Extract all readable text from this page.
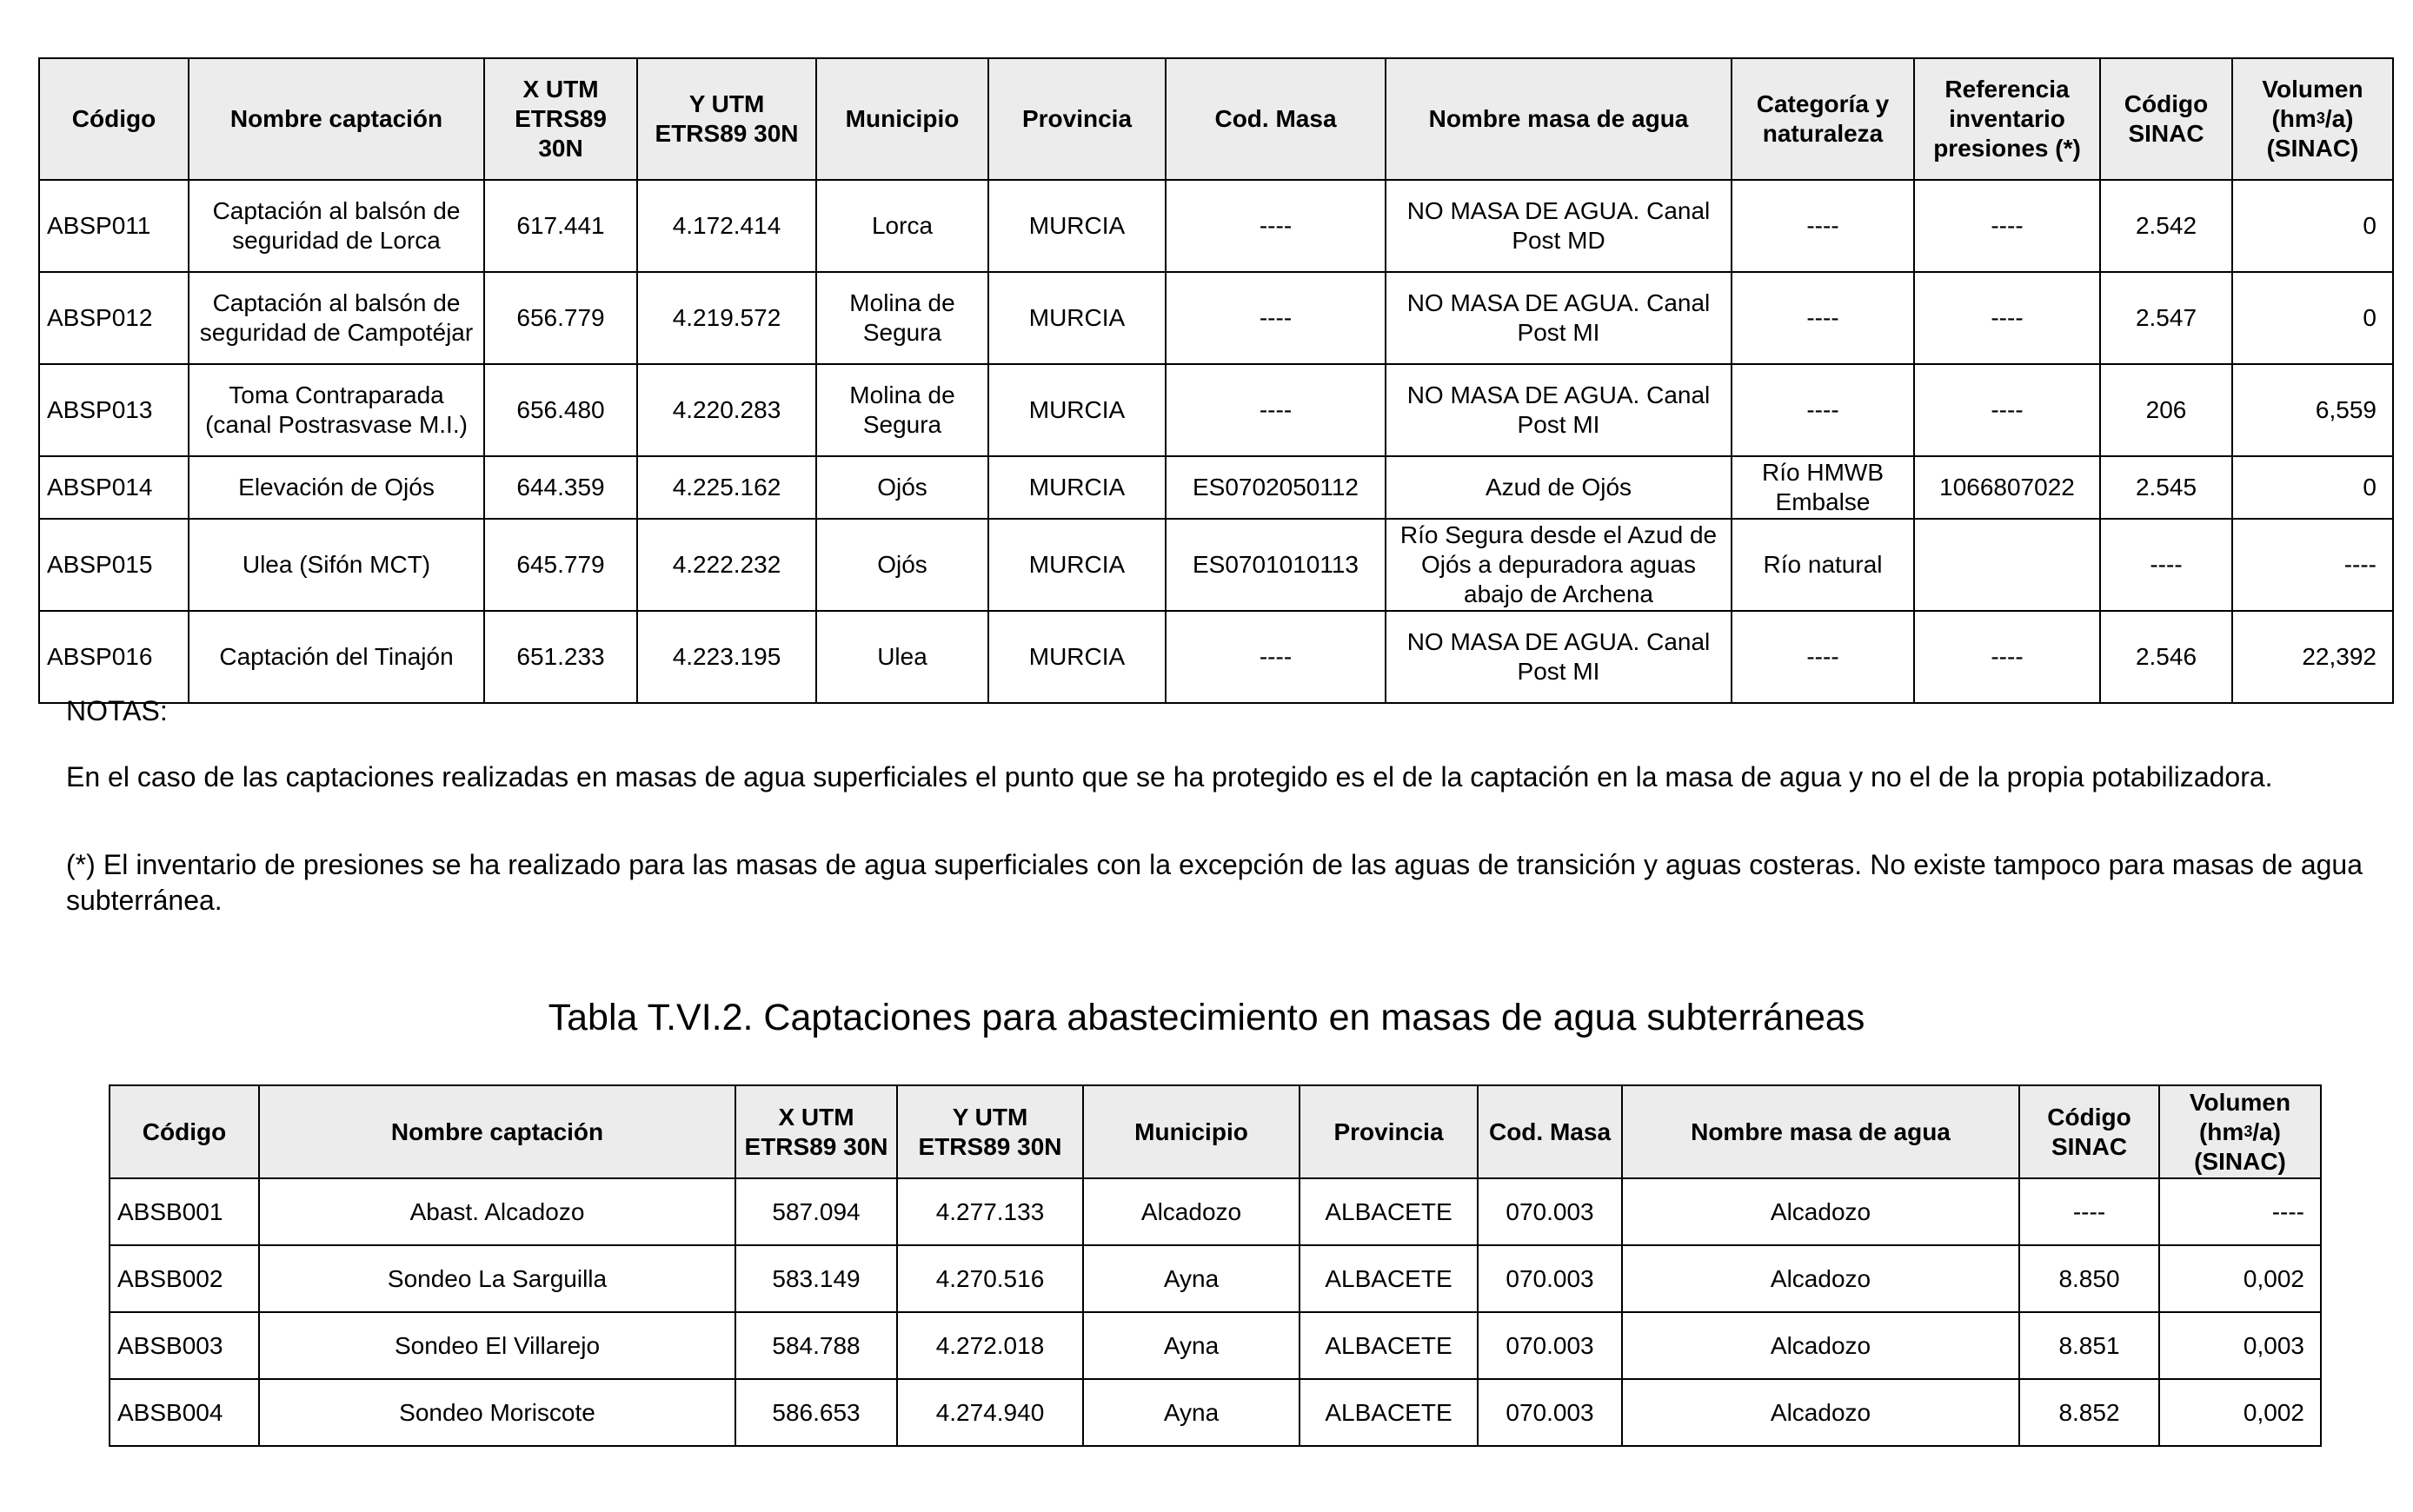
Código	Nombre captación	X UTM ETRS89 30N	Y UTM ETRS89 30N	Municipio	Provincia	Cod. Masa	Nombre masa de agua	Categoría y naturaleza	Referencia inventario presiones (*)	Código SINAC	Volumen $(hm^3/a)$ (SINAC)
ABSP011	Captación al balsón de seguridad de Lorca	617.441	4.172.414	Lorca	MURCIA	----	NO MASA DE AGUA. Canal Post MD	----	----	2.542	0
ABSP012	Captación al balsón de seguridad de Campotéjar	656.779	4.219.572	Molina de Segura	MURCIA	----	NO MASA DE AGUA. Canal Post MI	----	----	2.547	0
ABSP013	Toma Contraparada (canal Postrasvase M.I.)	656.480	4.220.283	Molina de Segura	MURCIA	----	NO MASA DE AGUA. Canal Post MI	----	----	206	6,559
ABSP014	Elevación de Ojós	644.359	4.225.162	Ojós	MURCIA	ES0702050112	Azud de Ojós	Río HMWB Embalse	1066807022	2.545	0
ABSP015	Ulea (Sifón MCT)	645.779	4.222.232	Ojós	MURCIA	ES0701010113	Río Segura desde el Azud de Ojós a depuradora aguas abajo de Archena	Río natural		----	----
ABSP016	Captación del Tinajón	651.233	4.223.195	Ulea	MURCIA	----	NO MASA DE AGUA. Canal Post MI	----	----	2.546	22,392
NOTAS:
En el caso de las captaciones realizadas en masas de agua superficiales el punto que se ha protegido es el de la captación en la masa de agua y no el de la propia potabilizadora.
(*) El inventario de presiones se ha realizado para las masas de agua superficiales con la excepción de las aguas de transición y aguas costeras. No existe tampoco para masas de agua subterránea.
Tabla T.VI.2. Captaciones para abastecimiento en masas de agua subterráneas
Código	Nombre captación	X UTM ETRS89 30N	Y UTM ETRS89 30N	Municipio	Provincia	Cod. Masa	Nombre masa de agua	Código SINAC	Volumen $(hm^3/a)$ (SINAC)
ABSB001	Abast. Alcadozo	587.094	4.277.133	Alcadozo	ALBACETE	070.003	Alcadozo	----	----
ABSB002	Sondeo La Sarguilla	583.149	4.270.516	Ayna	ALBACETE	070.003	Alcadozo	8.850	0,002
ABSB003	Sondeo El Villarejo	584.788	4.272.018	Ayna	ALBACETE	070.003	Alcadozo	8.851	0,003
ABSB004	Sondeo Moriscote	586.653	4.274.940	Ayna	ALBACETE	070.003	Alcadozo	8.852	0,002
